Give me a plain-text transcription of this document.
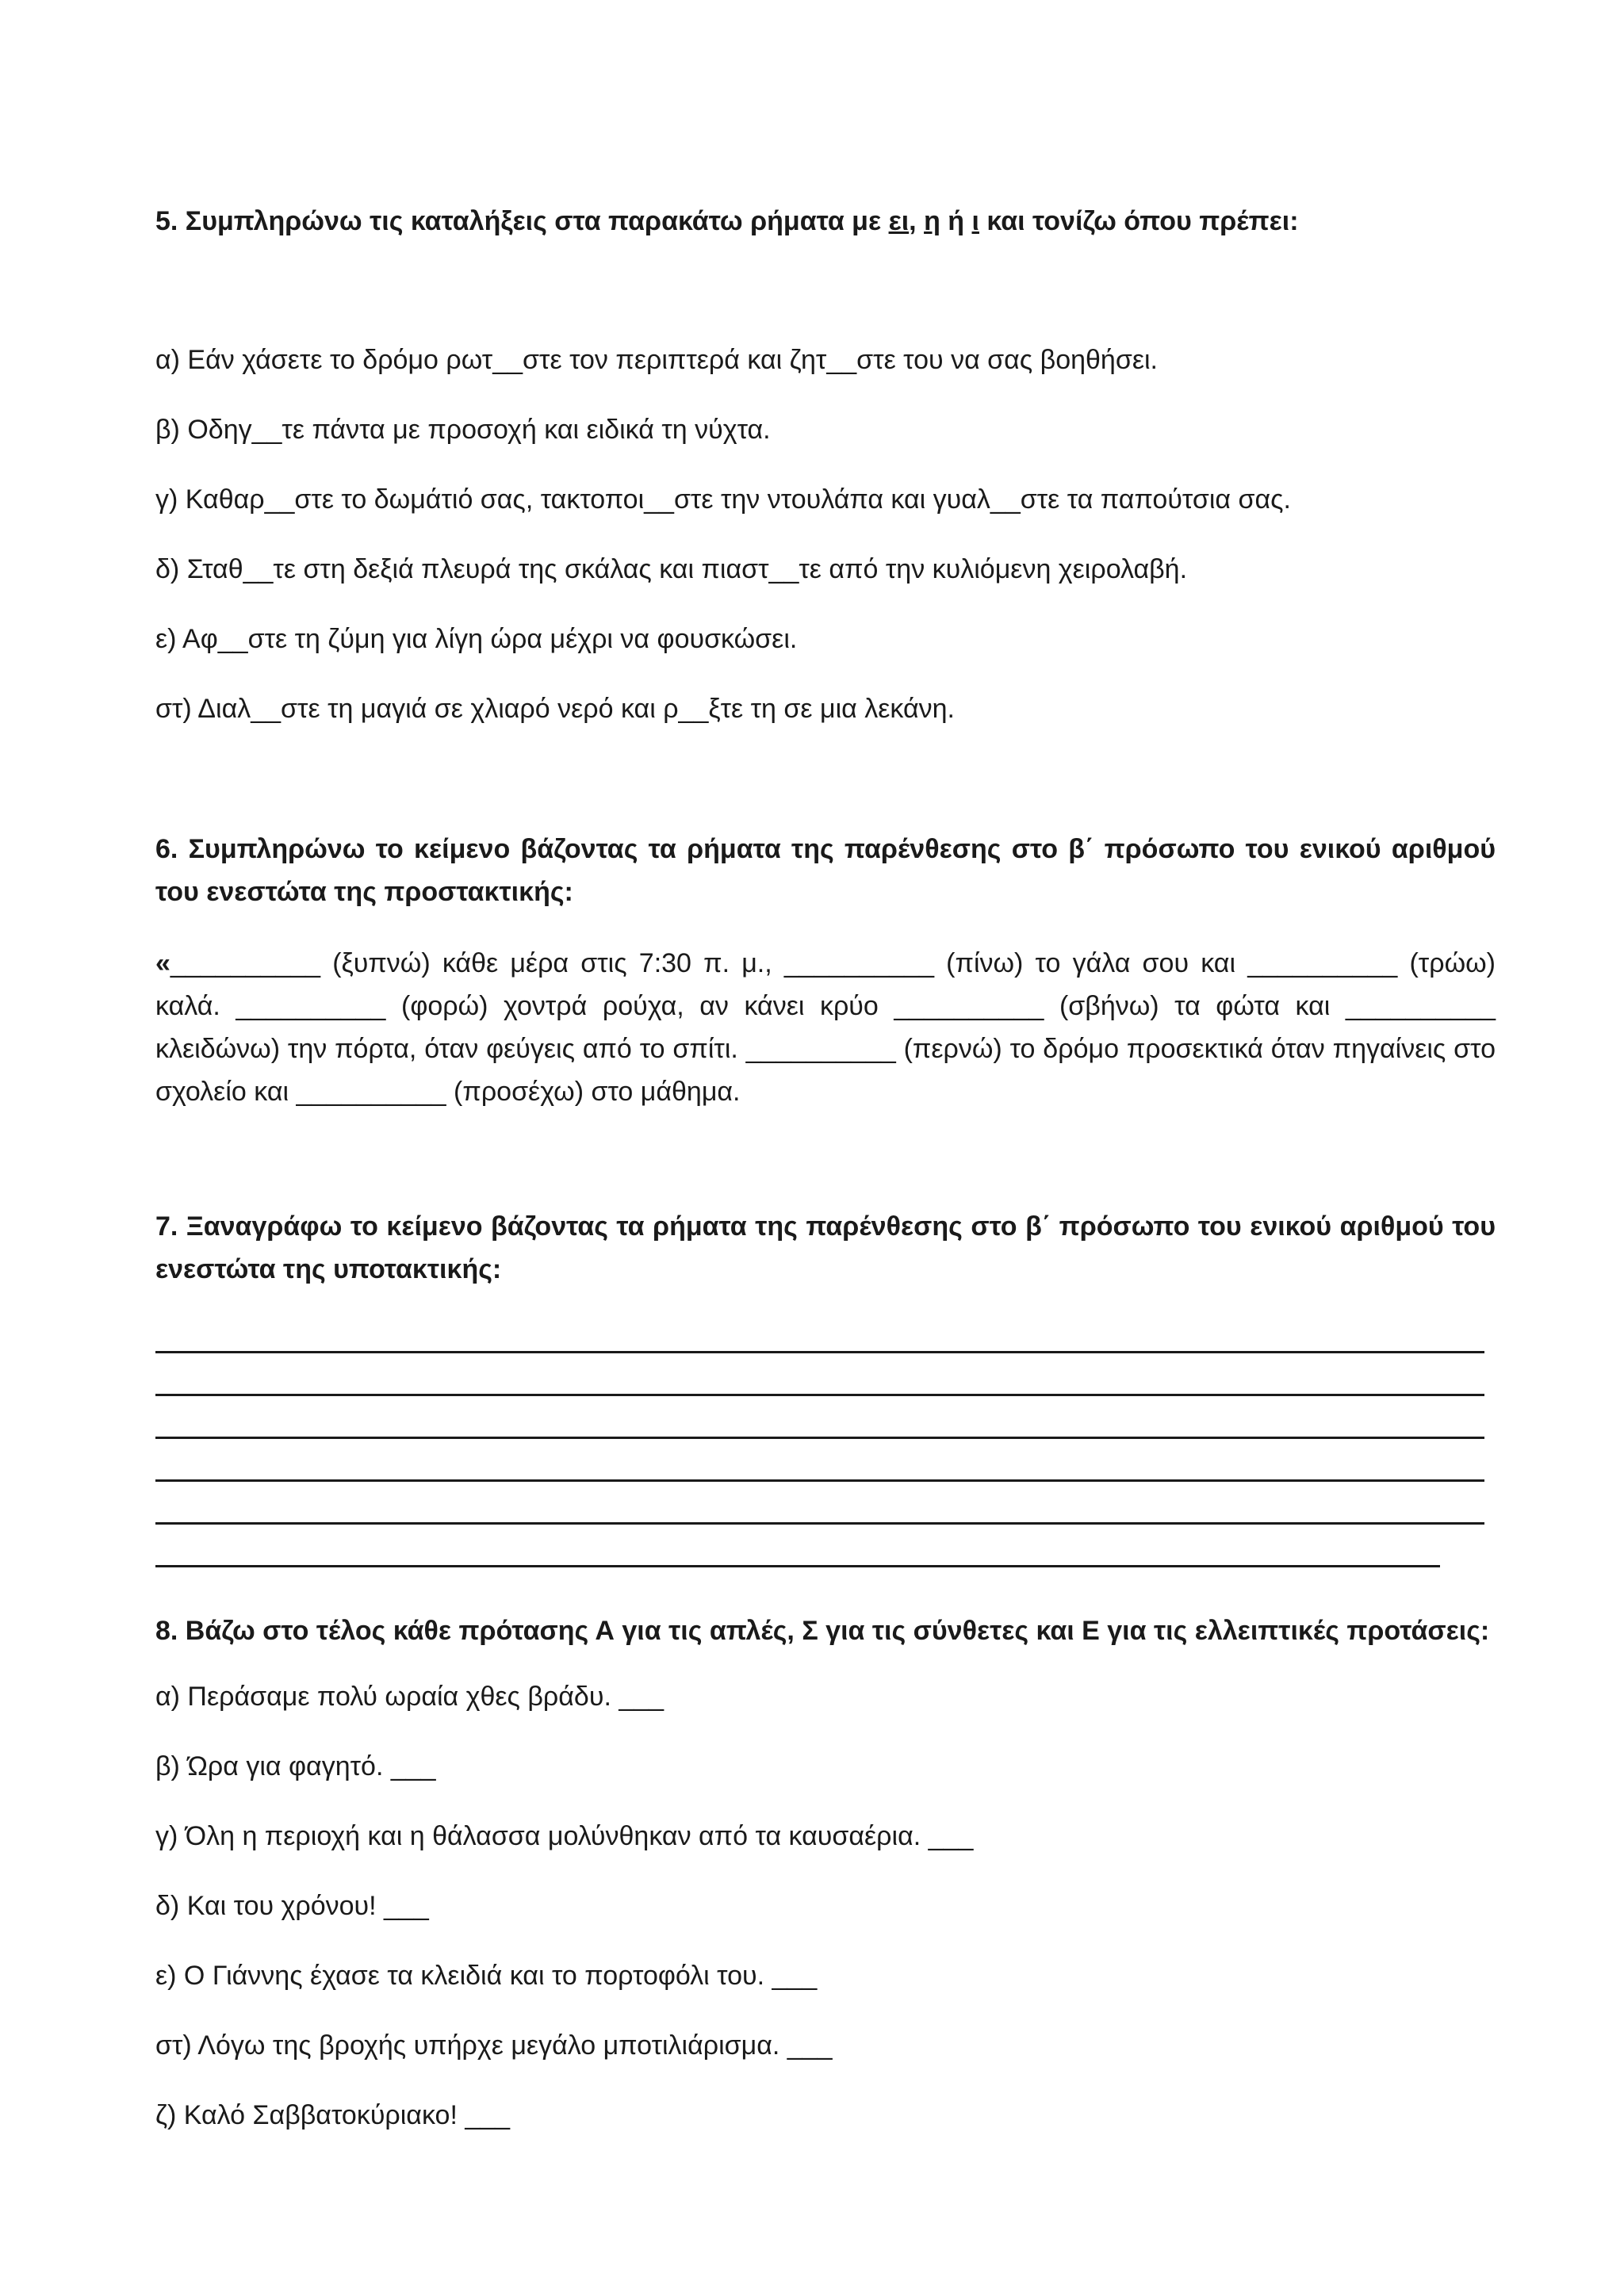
5. Συμπληρώνω τις καταλήξεις στα παρακάτω ρήματα με ει, η ή ι και τονίζω όπου πρέπει:

α) Εάν χάσετε το δρόμο ρωτ__στε τον περιπτερά και ζητ__στε του να σας βοηθήσει.

β) Οδηγ__τε πάντα με προσοχή και ειδικά τη νύχτα.

γ) Καθαρ__στε το δωμάτιό σας, τακτοποι__στε την ντουλάπα και γυαλ__στε τα παπούτσια σας.

δ) Σταθ__τε στη δεξιά πλευρά της σκάλας και πιαστ__τε από την κυλιόμενη χειρολαβή.

ε) Αφ__στε τη ζύμη για λίγη ώρα μέχρι να φουσκώσει.

στ) Διαλ__στε τη μαγιά σε χλιαρό νερό και ρ__ξτε τη σε μια λεκάνη.

6. Συμπληρώνω το κείμενο βάζοντας τα ρήματα της παρένθεσης στο β΄ πρόσωπο του ενικού αριθμού του ενεστώτα της προστακτικής:

«__________ (ξυπνώ) κάθε μέρα στις 7:30 π. μ., __________ (πίνω) το γάλα σου και __________ (τρώω) καλά. __________ (φορώ) χοντρά ρούχα, αν κάνει κρύο __________ (σβήνω) τα φώτα και __________ κλειδώνω) την πόρτα, όταν φεύγεις από το σπίτι. __________ (περνώ) το δρόμο προσεκτικά όταν πηγαίνεις στο σχολείο και __________ (προσέχω) στο μάθημα.

7. Ξαναγράφω το κείμενο βάζοντας τα ρήματα της παρένθεσης στο β΄ πρόσωπο του ενικού αριθμού του ενεστώτα της υποτακτικής:

8. Βάζω στο τέλος κάθε πρότασης Α για τις απλές, Σ για τις σύνθετες και Ε για τις ελλειπτικές προτάσεις:

α) Περάσαμε πολύ ωραία χθες βράδυ. ___

β) Ώρα για φαγητό. ___

γ) Όλη η περιοχή και η θάλασσα μολύνθηκαν από τα καυσαέρια. ___

δ) Και του χρόνου! ___

ε) Ο Γιάννης έχασε τα κλειδιά και το πορτοφόλι του. ___

στ) Λόγω της βροχής υπήρχε μεγάλο μποτιλιάρισμα. ___

ζ) Καλό Σαββατοκύριακο! ___
